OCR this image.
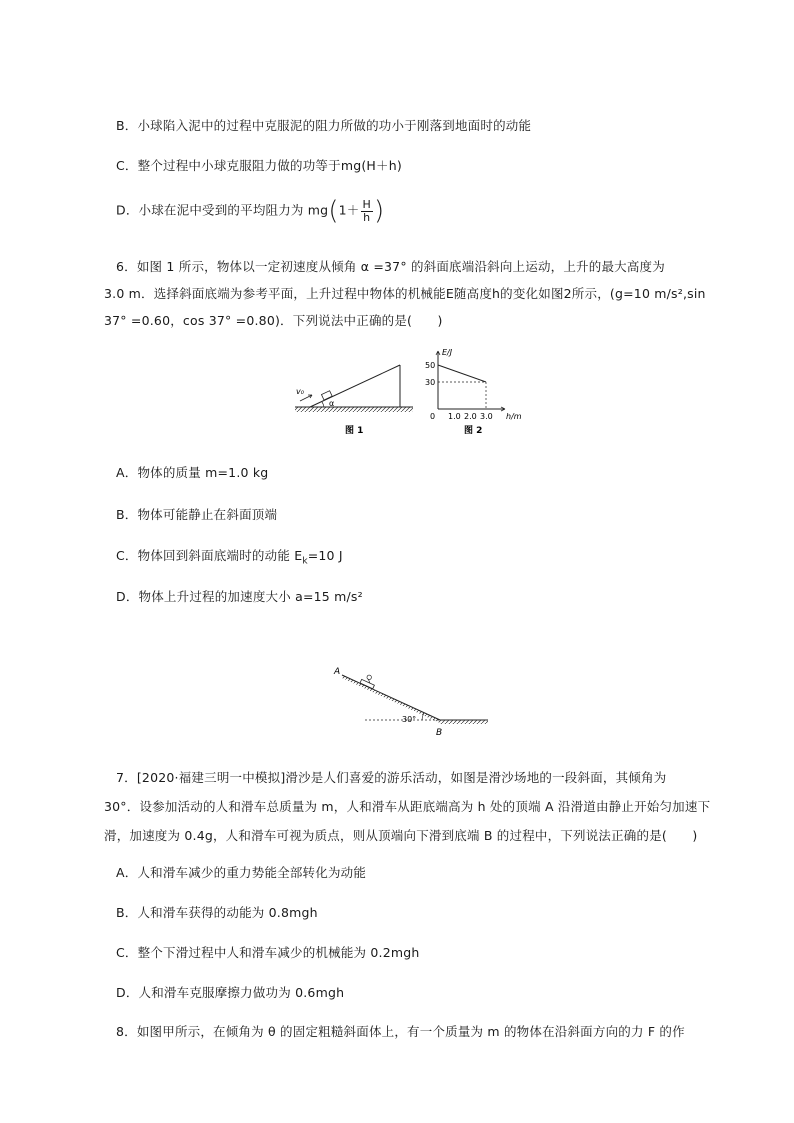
B．小球陷入泥中的过程中克服泥的阻力所做的功小于刚落到地面时的动能
C．整个过程中小球克服阻力做的功等于mg(H＋h)
D．小球在泥中受到的平均阻力为 $mg(1+ \frac{H}{h}$ )
6．如图 1 所示，物体以一定初速度从倾角 α =37° 的斜面底端沿斜向上运动，上升的最大高度为
3.0 m．选择斜面底端为参考平面，上升过程中物体的机械能E随高度h的变化如图2所示，(g=10 m/s²,sin
37° =0.60，cos 37° =0.80)．下列说法中正确的是(　　)
v₀
α
图 1
E/J
50
30
0 1.0 2.0 3.0 h/m
图 2
A．物体的质量 m=1.0 kg
B．物体可能静止在斜面顶端
C．物体回到斜面底端时的动能 $E_k=10$ J
D．物体上升过程的加速度大小 a=15 m/s²
A
B
30°
7．[2020·福建三明一中模拟]滑沙是人们喜爱的游乐活动，如图是滑沙场地的一段斜面，其倾角为
30°．设参加活动的人和滑车总质量为 m，人和滑车从距底端高为 h 处的顶端 A 沿滑道由静止开始匀加速下
滑，加速度为 0.4g，人和滑车可视为质点，则从顶端向下滑到底端 B 的过程中，下列说法正确的是(　　)
A．人和滑车减少的重力势能全部转化为动能
B．人和滑车获得的动能为 0.8mgh
C．整个下滑过程中人和滑车减少的机械能为 0.2mgh
D．人和滑车克服摩擦力做功为 0.6mgh
8．如图甲所示，在倾角为 θ 的固定粗糙斜面体上，有一个质量为 m 的物体在沿斜面方向的力 F 的作
